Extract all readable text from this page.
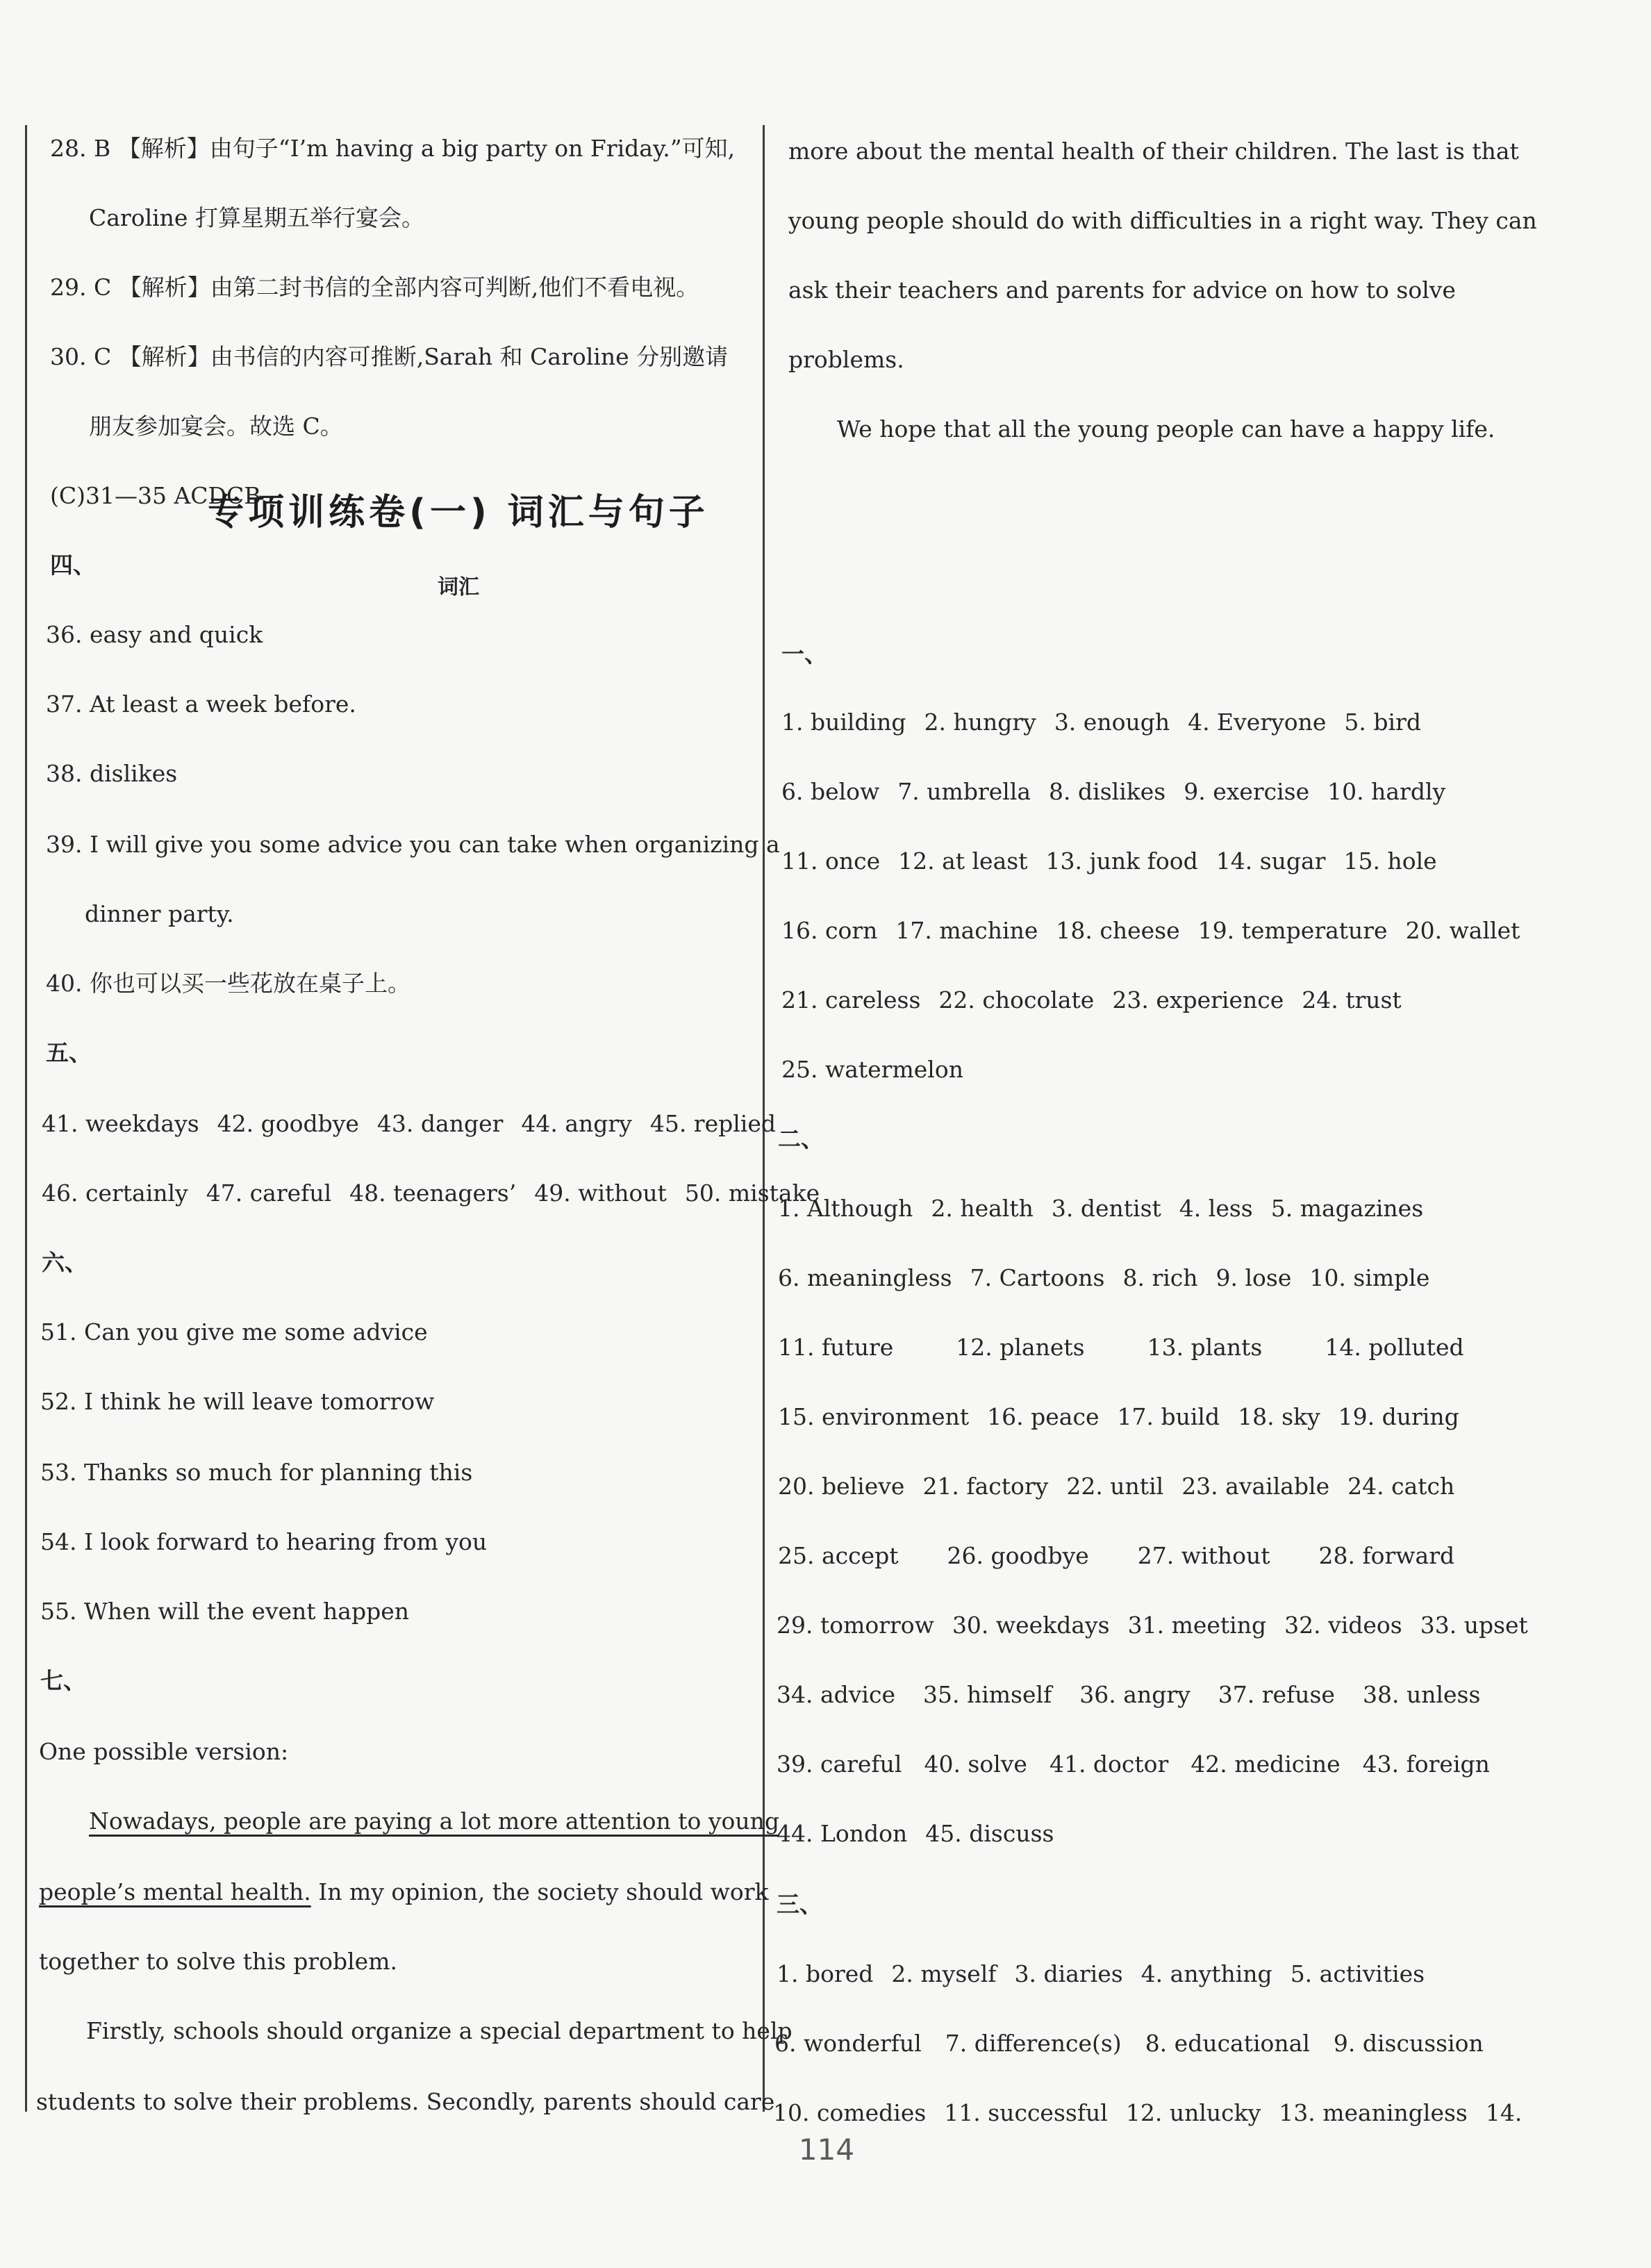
28. B 【解析】由句子“I’m having a big party on Friday.”可知,
Caroline 打算星期五举行宴会。
29. C 【解析】由第二封书信的全部内容可判断,他们不看电视。
30. C 【解析】由书信的内容可推断,Sarah 和 Caroline 分别邀请
朋友参加宴会。故选 C。
(C)31—35 ACDCB
四、
36. easy and quick
37. At least a week before.
38. dislikes
39. I will give you some advice you can take when organizing a
dinner party.
40. 你也可以买一些花放在桌子上。
五、
41. weekdays 42. goodbye 43. danger 44. angry 45. replied
46. certainly 47. careful 48. teenagers’ 49. without 50. mistake
六、
51. Can you give me some advice
52. I think he will leave tomorrow
53. Thanks so much for planning this
54. I look forward to hearing from you
55. When will the event happen
七、
One possible version:
Nowadays, people are paying a lot more attention to young
people’s mental health. In my opinion, the society should work
together to solve this problem.
Firstly, schools should organize a special department to help
students to solve their problems. Secondly, parents should care
more about the mental health of their children. The last is that
young people should do with difficulties in a right way. They can
ask their teachers and parents for advice on how to solve
problems.
We hope that all the young people can have a happy life.
专项训练卷(一) 词汇与句子
词汇
一、
1. building 2. hungry 3. enough 4. Everyone 5. bird
6. below 7. umbrella 8. dislikes 9. exercise 10. hardly
11. once 12. at least 13. junk food 14. sugar 15. hole
16. corn 17. machine 18. cheese 19. temperature 20. wallet
21. careless 22. chocolate 23. experience 24. trust
25. watermelon
二、
1. Although 2. health 3. dentist 4. less 5. magazines
6. meaningless 7. Cartoons 8. rich 9. lose 10. simple
11. future	12. planets	13. plants	14. polluted
15. environment 16. peace 17. build 18. sky 19. during
20. believe 21. factory 22. until 23. available 24. catch
25. accept 26. goodbye 27. without 28. forward
29. tomorrow 30. weekdays 31. meeting 32. videos 33. upset
34. advice 35. himself 36. angry 37. refuse 38. unless
39. careful 40. solve 41. doctor 42. medicine 43. foreign
44. London 45. discuss
三、
1. bored 2. myself 3. diaries 4. anything 5. activities
6. wonderful 7. difference(s) 8. educational 9. discussion
10. comedies 11. successful 12. unlucky 13. meaningless 14.
114
